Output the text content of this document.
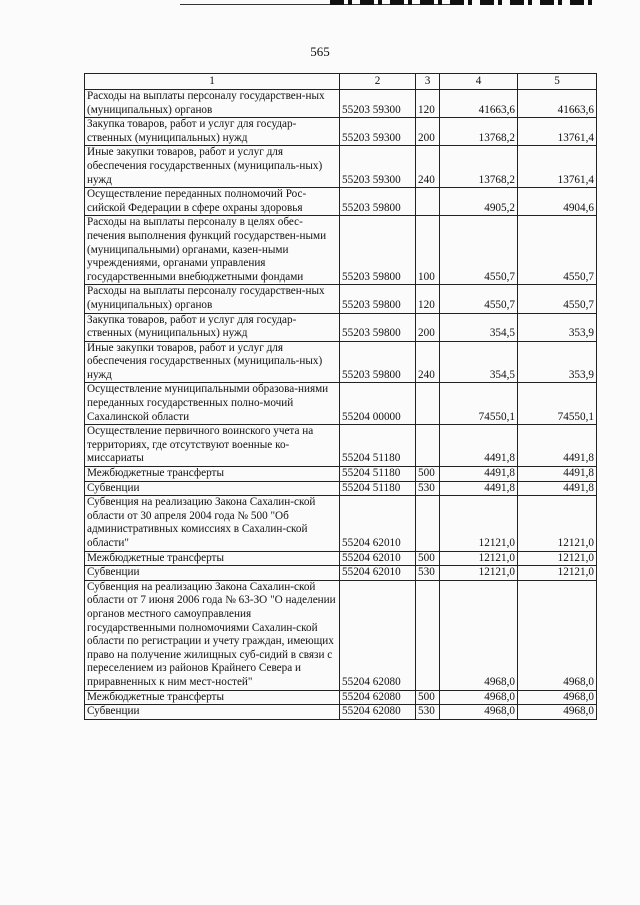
565
1	2	3	4	5
Расходы на выплаты персоналу государствен-ных (муниципальных) органов	55203 59300	120	41663,6	41663,6
Закупка товаров, работ и услуг для государ-ственных (муниципальных) нужд	55203 59300	200	13768,2	13761,4
Иные закупки товаров, работ и услуг для обеспечения государственных (муниципаль-ных) нужд	55203 59300	240	13768,2	13761,4
Осуществление переданных полномочий Рос-сийской Федерации в сфере охраны здоровья	55203 59800		4905,2	4904,6
Расходы на выплаты персоналу в целях обес-печения выполнения функций государствен-ными (муниципальными) органами, казен-ными учреждениями, органами управления государственными внебюджетными фондами	55203 59800	100	4550,7	4550,7
Расходы на выплаты персоналу государствен-ных (муниципальных) органов	55203 59800	120	4550,7	4550,7
Закупка товаров, работ и услуг для государ-ственных (муниципальных) нужд	55203 59800	200	354,5	353,9
Иные закупки товаров, работ и услуг для обеспечения государственных (муниципаль-ных) нужд	55203 59800	240	354,5	353,9
Осуществление муниципальными образова-ниями переданных государственных полно-мочий Сахалинской области	55204 00000		74550,1	74550,1
Осуществление первичного воинского учета на территориях, где отсутствуют военные ко-миссариаты	55204 51180		4491,8	4491,8
Межбюджетные трансферты	55204 51180	500	4491,8	4491,8
Субвенции	55204 51180	530	4491,8	4491,8
Субвенция на реализацию Закона Сахалин-ской области от 30 апреля 2004 года № 500 "Об административных комиссиях в Сахалин-ской области"	55204 62010		12121,0	12121,0
Межбюджетные трансферты	55204 62010	500	12121,0	12121,0
Субвенции	55204 62010	530	12121,0	12121,0
Субвенция на реализацию Закона Сахалин-ской области от 7 июня 2006 года № 63-ЗО "О наделении органов местного самоуправления государственными полномочиями Сахалин-ской области по регистрации и учету граждан, имеющих право на получение жилищных суб-сидий в связи с переселением из районов Крайнего Севера и приравненных к ним мест-ностей"	55204 62080		4968,0	4968,0
Межбюджетные трансферты	55204 62080	500	4968,0	4968,0
Субвенции	55204 62080	530	4968,0	4968,0
